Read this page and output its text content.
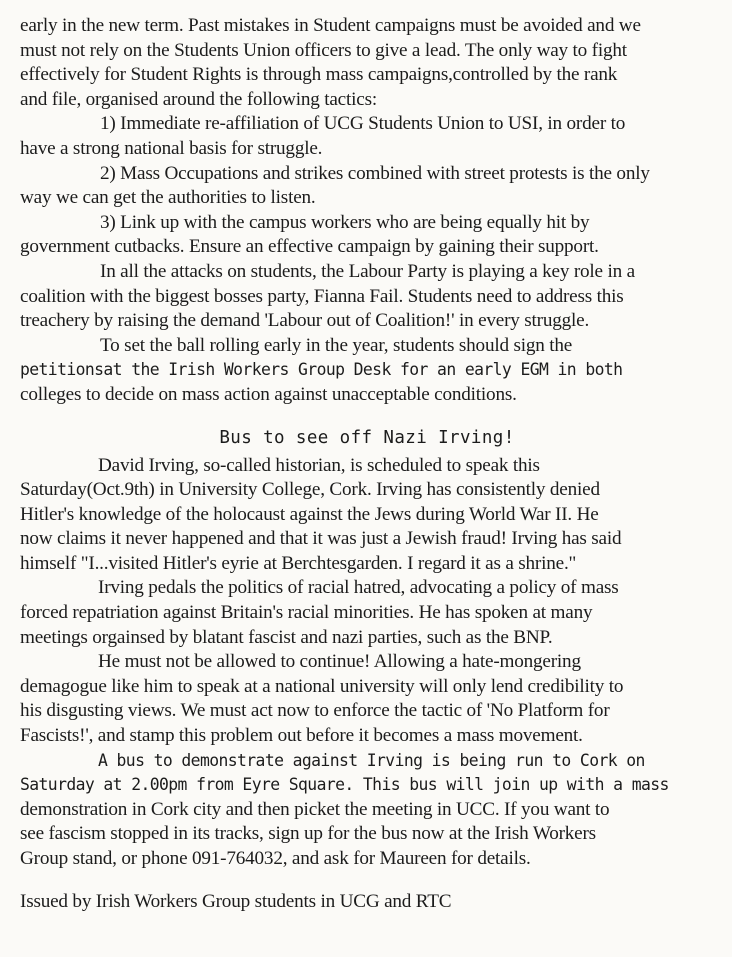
early in the new term. Past mistakes in Student campaigns must be avoided and we
must not rely on the Students Union officers to give a lead. The only way to fight
effectively for Student Rights is through mass campaigns,controlled by the rank
and file, organised around the following tactics:
1) Immediate re-affiliation of UCG Students Union to USI, in order to
have a strong national basis for struggle.
2) Mass Occupations and strikes combined with street protests is the only
way we can get the authorities to listen.
3) Link up with the campus workers who are being equally hit by
government cutbacks. Ensure an effective campaign by gaining their support.
In all the attacks on students, the Labour Party is playing a key role in a
coalition with the biggest bosses party, Fianna Fail. Students need to address this
treachery by raising the demand 'Labour out of Coalition!' in every struggle.
To set the ball rolling early in the year, students should sign the
petitionsat the Irish Workers Group Desk for an early EGM in both
colleges to decide on mass action against unacceptable conditions.
Bus to see off Nazi Irving!
David Irving, so-called historian, is scheduled to speak this
Saturday(Oct.9th) in University College, Cork. Irving has consistently denied
Hitler's knowledge of the holocaust against the Jews during World War II. He
now claims it never happened and that it was just a Jewish fraud! Irving has said
himself "I...visited Hitler's eyrie at Berchtesgarden. I regard it as a shrine."
Irving pedals the politics of racial hatred, advocating a policy of mass
forced repatriation against Britain's racial minorities. He has spoken at many
meetings orgainsed by blatant fascist and nazi parties, such as the BNP.
He must not be allowed to continue! Allowing a hate-mongering
demagogue like him to speak at a national university will only lend credibility to
his disgusting views. We must act now to enforce the tactic of 'No Platform for
Fascists!', and stamp this problem out before it becomes a mass movement.
A bus to demonstrate against Irving is being run to Cork on
Saturday at 2.00pm from Eyre Square. This bus will join up with a mass
demonstration in Cork city and then picket the meeting in UCC. If you want to
see fascism stopped in its tracks, sign up for the bus now at the Irish Workers
Group stand, or phone 091-764032, and ask for Maureen for details.
Issued by Irish Workers Group students in UCG and RTC
